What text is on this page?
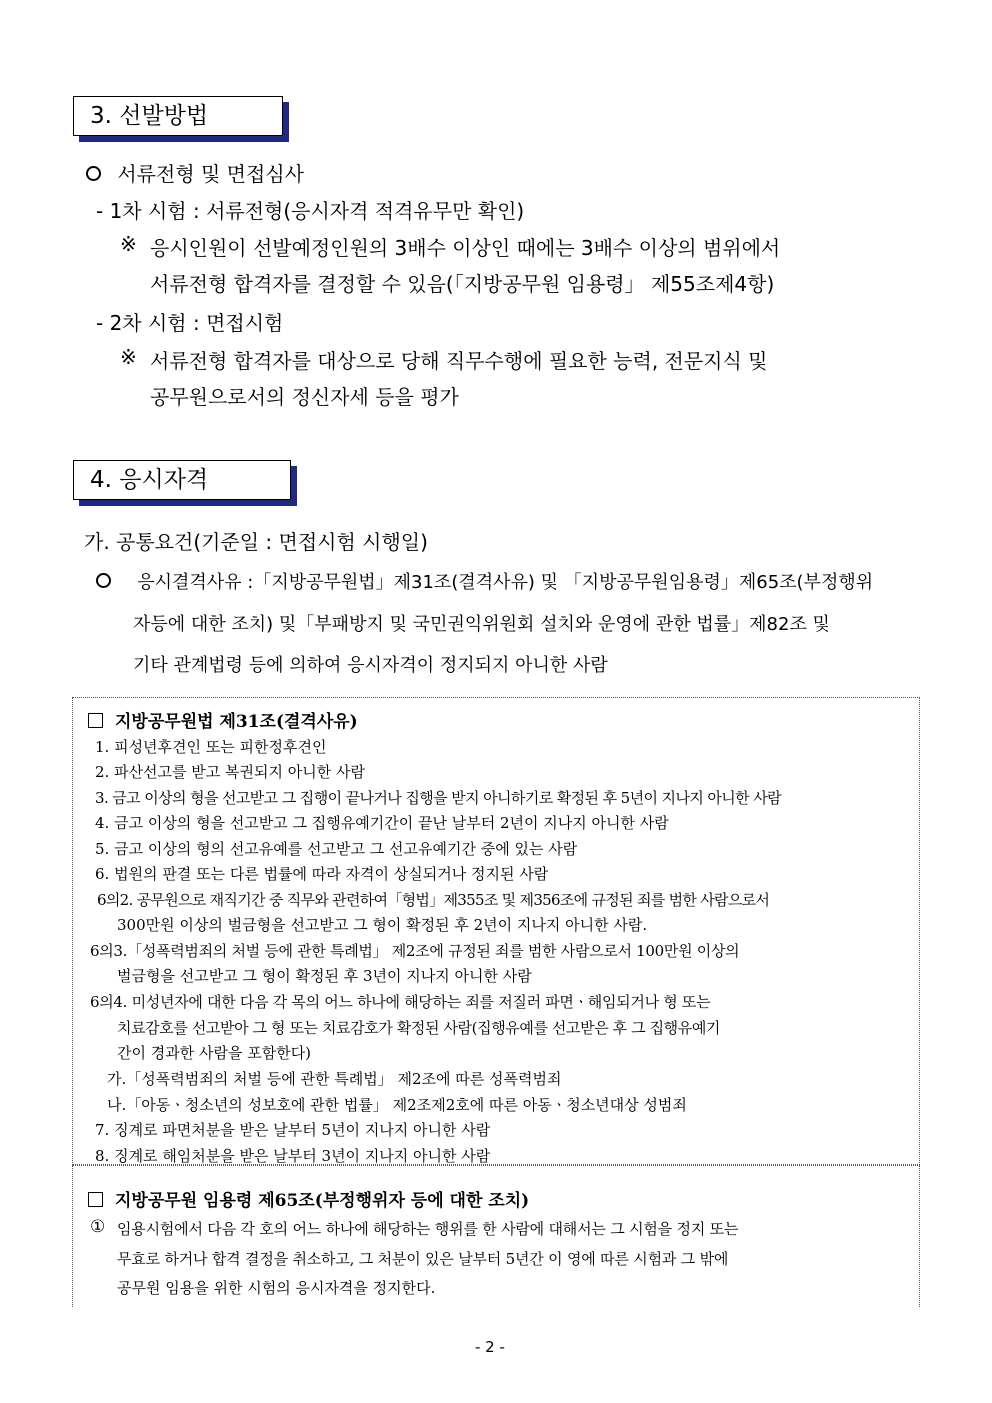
3. 선발방법
서류전형 및 면접심사
- 1차 시험 : 서류전형(응시자격 적격유무만 확인)
※ 응시인원이 선발예정인원의 3배수 이상인 때에는 3배수 이상의 범위에서
서류전형 합격자를 결정할 수 있음(「지방공무원 임용령」 제55조제4항)
- 2차 시험 : 면접시험
※ 서류전형 합격자를 대상으로 당해 직무수행에 필요한 능력, 전문지식 및
공무원으로서의 정신자세 등을 평가
4. 응시자격
가. 공통요건(기준일 : 면접시험 시행일)
응시결격사유 :「지방공무원법」제31조(결격사유) 및 「지방공무원임용령」제65조(부정행위
자등에 대한 조치) 및「부패방지 및 국민권익위원회 설치와 운영에 관한 법률」제82조 및
기타 관계법령 등에 의하여 응시자격이 정지되지 아니한 사람
지방공무원법 제31조(결격사유)
1. 피성년후견인 또는 피한정후견인
2. 파산선고를 받고 복권되지 아니한 사람
3. 금고 이상의 형을 선고받고 그 집행이 끝나거나 집행을 받지 아니하기로 확정된 후 5년이 지나지 아니한 사람
4. 금고 이상의 형을 선고받고 그 집행유예기간이 끝난 날부터 2년이 지나지 아니한 사람
5. 금고 이상의 형의 선고유예를 선고받고 그 선고유예기간 중에 있는 사람
6. 법원의 판결 또는 다른 법률에 따라 자격이 상실되거나 정지된 사람
6의2. 공무원으로 재직기간 중 직무와 관련하여「형법」제355조 및 제356조에 규정된 죄를 범한 사람으로서
300만원 이상의 벌금형을 선고받고 그 형이 확정된 후 2년이 지나지 아니한 사람.
6의3.「성폭력범죄의 처벌 등에 관한 특례법」 제2조에 규정된 죄를 범한 사람으로서 100만원 이상의
벌금형을 선고받고 그 형이 확정된 후 3년이 지나지 아니한 사람
6의4. 미성년자에 대한 다음 각 목의 어느 하나에 해당하는 죄를 저질러 파면ㆍ해임되거나 형 또는
치료감호를 선고받아 그 형 또는 치료감호가 확정된 사람(집행유예를 선고받은 후 그 집행유예기
간이 경과한 사람을 포함한다)
가.「성폭력범죄의 처벌 등에 관한 특례법」 제2조에 따른 성폭력범죄
나.「아동ㆍ청소년의 성보호에 관한 법률」 제2조제2호에 따른 아동ㆍ청소년대상 성범죄
7. 징계로 파면처분을 받은 날부터 5년이 지나지 아니한 사람
8. 징계로 해임처분을 받은 날부터 3년이 지나지 아니한 사람
지방공무원 임용령 제65조(부정행위자 등에 대한 조치)
① 임용시험에서 다음 각 호의 어느 하나에 해당하는 행위를 한 사람에 대해서는 그 시험을 정지 또는
무효로 하거나 합격 결정을 취소하고, 그 처분이 있은 날부터 5년간 이 영에 따른 시험과 그 밖에
공무원 임용을 위한 시험의 응시자격을 정지한다.
- 2 -
